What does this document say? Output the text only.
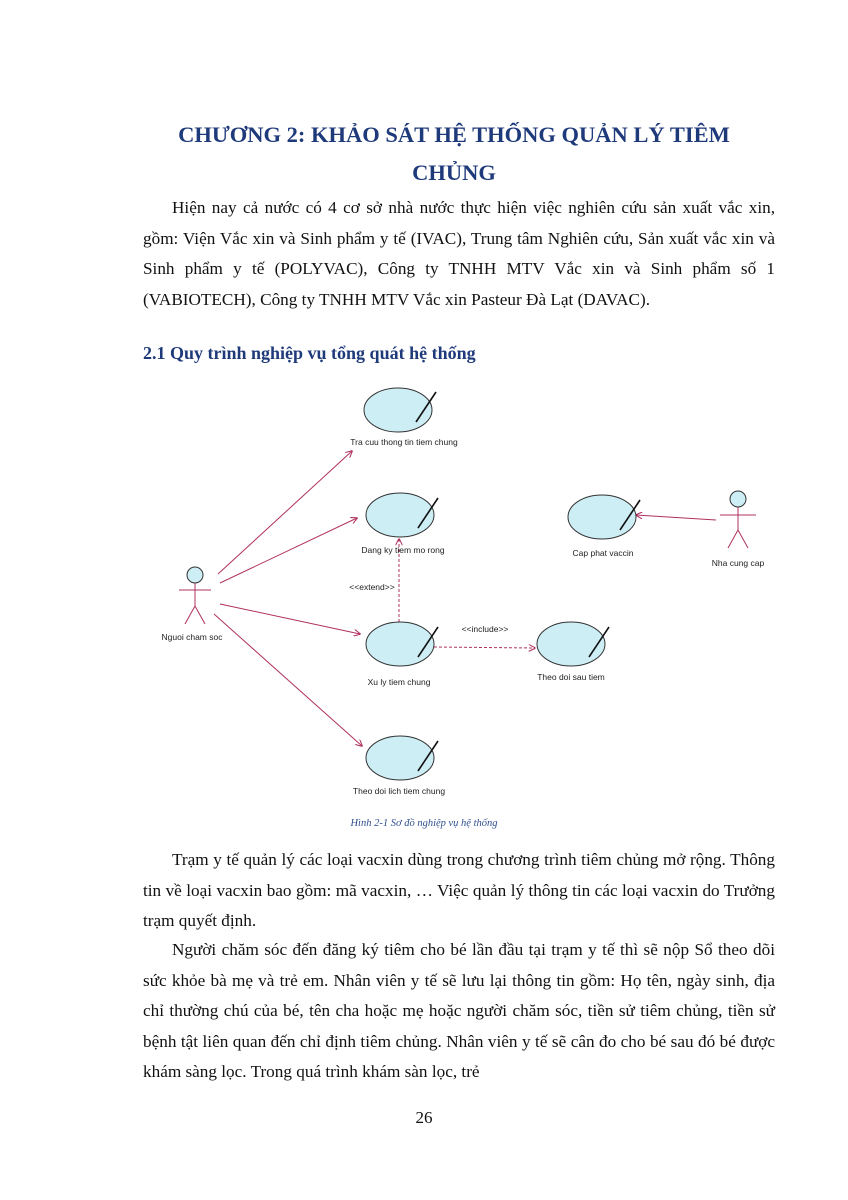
CHƯƠNG 2: KHẢO SÁT HỆ THỐNG QUẢN LÝ TIÊM
CHỦNG

Hiện nay cả nước có 4 cơ sở nhà nước thực hiện việc nghiên cứu sản xuất vắc xin, gồm: Viện Vắc xin và Sinh phẩm y tế (IVAC), Trung tâm Nghiên cứu, Sản xuất vắc xin và Sinh phẩm y tế (POLYVAC), Công ty TNHH MTV Vắc xin và Sinh phẩm số 1 (VABIOTECH), Công ty TNHH MTV Vắc xin Pasteur Đà Lạt (DAVAC).

2.1 Quy trình nghiệp vụ tổng quát hệ thống
Tra cuu thong tin tiem chung
Dang ky tiem mo rong
Xu ly tiem chung	Theo doi sau tiem
Theo doi lich tiem chung
Cap phat vaccin
Nguoi cham soc
Nha cung cap
<<extend>>
<<include>>

Hình 2-1 Sơ đồ nghiệp vụ hệ thống

Trạm y tế quản lý các loại vacxin dùng trong chương trình tiêm chủng mở rộng. Thông tin về loại vacxin bao gồm: mã vacxin, … Việc quản lý thông tin các loại vacxin do Trưởng trạm quyết định.

Người chăm sóc đến đăng ký tiêm cho bé lần đầu tại trạm y tế thì sẽ nộp Sổ theo dõi sức khỏe bà mẹ và trẻ em. Nhân viên y tế sẽ lưu lại thông tin gồm: Họ tên, ngày sinh, địa chỉ thường chú của bé, tên cha hoặc mẹ hoặc người chăm sóc, tiền sử tiêm chủng, tiền sử bệnh tật liên quan đến chỉ định tiêm chủng. Nhân viên y tế sẽ cân đo cho bé sau đó bé được khám sàng lọc. Trong quá trình khám sàn lọc, trẻ

26
